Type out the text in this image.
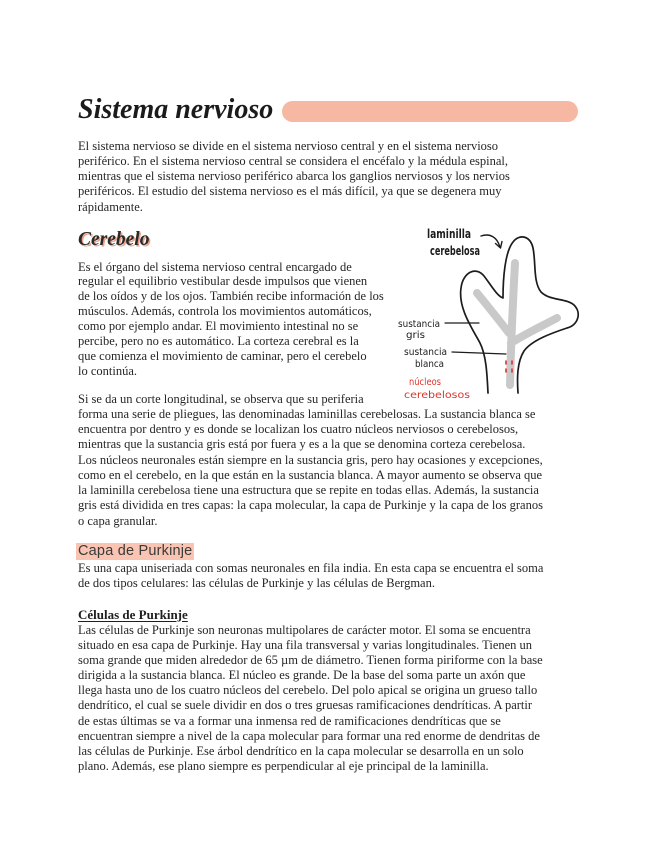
Sistema nervioso
El sistema nervioso se divide en el sistema nervioso central y en el sistema nervioso
periférico. En el sistema nervioso central se considera el encéfalo y la médula espinal,
mientras que el sistema nervioso periférico abarca los ganglios nerviosos y los nervios
periféricos. El estudio del sistema nervioso es el más difícil, ya que se degenera muy
rápidamente.
Cerebelo
Es el órgano del sistema nervioso central encargado de
regular el equilibrio vestibular desde impulsos que vienen
de los oídos y de los ojos. También recibe información de los
músculos. Además, controla los movimientos automáticos,
como por ejemplo andar. El movimiento intestinal no se
percibe, pero no es automático. La corteza cerebral es la
que comienza el movimiento de caminar, pero el cerebelo
lo continúa.
laminilla
cerebelosa
sustancia
gris
sustancia
blanca
núcleos
cerebelosos
Si se da un corte longitudinal, se observa que su periferia
forma una serie de pliegues, las denominadas laminillas cerebelosas. La sustancia blanca se
encuentra por dentro y es donde se localizan los cuatro núcleos nerviosos o cerebelosos,
mientras que la sustancia gris está por fuera y es a la que se denomina corteza cerebelosa.
Los núcleos neuronales están siempre en la sustancia gris, pero hay ocasiones y excepciones,
como en el cerebelo, en la que están en la sustancia blanca. A mayor aumento se observa que
la laminilla cerebelosa tiene una estructura que se repite en todas ellas. Además, la sustancia
gris está dividida en tres capas: la capa molecular, la capa de Purkinje y la capa de los granos
o capa granular.
Capa de Purkinje
Es una capa uniseriada con somas neuronales en fila india. En esta capa se encuentra el soma
de dos tipos celulares: las células de Purkinje y las células de Bergman.
Células de Purkinje
Las células de Purkinje son neuronas multipolares de carácter motor. El soma se encuentra
situado en esa capa de Purkinje. Hay una fila transversal y varias longitudinales. Tienen un
soma grande que miden alrededor de 65 µm de diámetro. Tienen forma piriforme con la base
dirigida a la sustancia blanca. El núcleo es grande. De la base del soma parte un axón que
llega hasta uno de los cuatro núcleos del cerebelo. Del polo apical se origina un grueso tallo
dendrítico, el cual se suele dividir en dos o tres gruesas ramificaciones dendríticas. A partir
de estas últimas se va a formar una inmensa red de ramificaciones dendríticas que se
encuentran siempre a nivel de la capa molecular para formar una red enorme de dendritas de
las células de Purkinje. Ese árbol dendrítico en la capa molecular se desarrolla en un solo
plano. Además, ese plano siempre es perpendicular al eje principal de la laminilla.
